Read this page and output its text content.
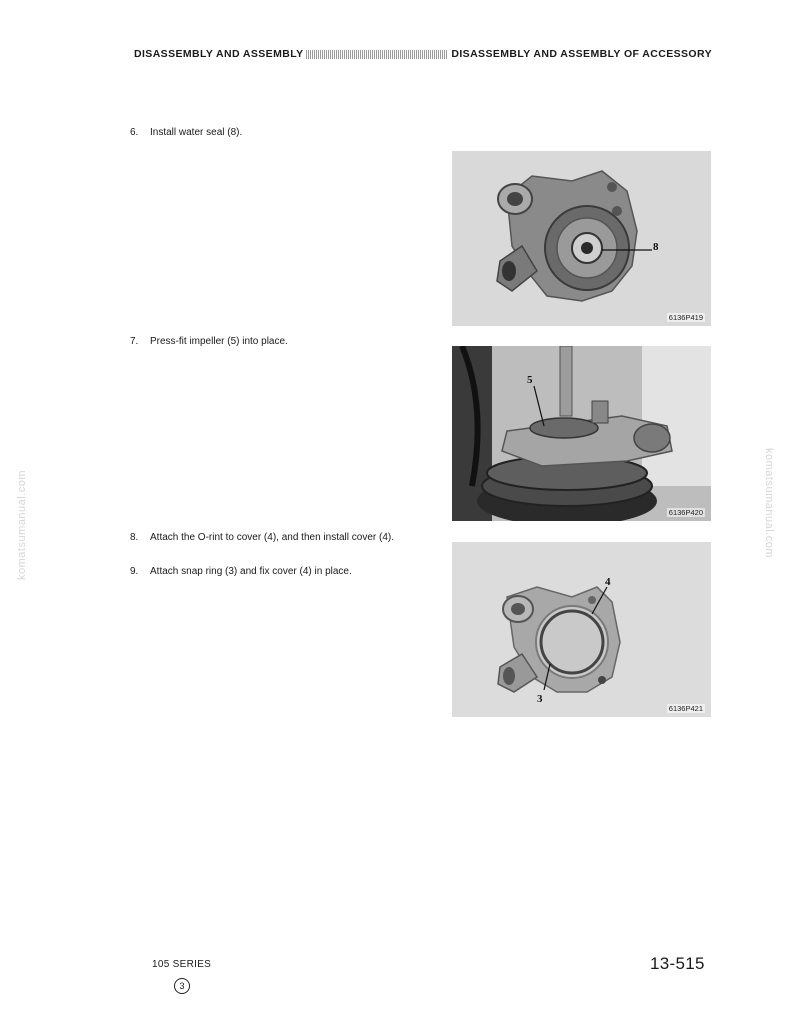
DISASSEMBLY AND ASSEMBLY	DISASSEMBLY AND ASSEMBLY OF ACCESSORY
6. Install water seal (8).
7. Press-fit impeller (5) into place.
8. Attach the O-rint to cover (4), and then install cover (4).
9. Attach snap ring (3) and fix cover (4) in place.
8
6136P419
5
6136P420
4
3
6136P421
komatsumanual.com	komatsumanual.com
105 SERIES
3
13-515
